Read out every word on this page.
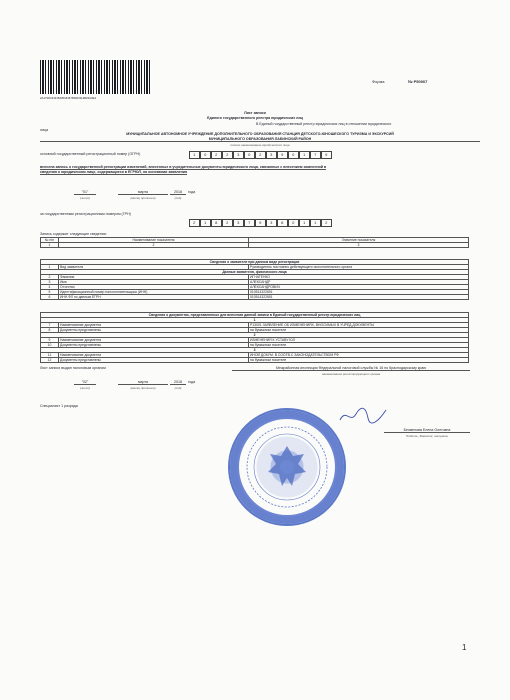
2A173D1643184351846769923112B231DE4
Форма	№ Р50007
Лист записи
Единого государственного реестра юридических лиц
В Единый государственный реестр юридических лиц в отношении юридического
лица
МУНИЦИПАЛЬНОЕ АВТОНОМНОЕ УЧРЕЖДЕНИЕ ДОПОЛНИТЕЛЬНОГО ОБРАЗОВАНИЯ СТАНЦИЯ ДЕТСКОГО-ЮНОШЕСКОГО ТУРИЗМА И ЭКСКУРСИЙ
МУНИЦИПАЛЬНОГО ОБРАЗОВАНИЯ ЛАБИНСКИЙ РАЙОН
полное наименование юридического лица
основной государственный регистрационный номер (ОГРН)	1	0	2	2	3	0	2	3	9	0	1	7	9
внесена запись о государственной регистрации изменений, внесенных в учредительные документы юридического лица, связанных с внесением изменений в
сведения о юридическом лице, содержащиеся в ЕГРЮЛ, на основании заявления
"01"	марта	2018	года
(число)	(месяц прописью)	(год)
за государственным регистрационным номером (ГРН)
2	1	8	2	3	7	9	3	8	0	1	1	2
Запись содержит следующие сведения:
№ п/п	Наименование показателя	Значение показателя
1	2	3
Сведения о заявителе при данном виде регистрации		
1	Вид заявителя	Руководитель постоянно действующего исполнительного органа
Данные заявителя, физического лица		
2	Фамилия	ИГНАТЕНКО
3	Имя	АЛЕКСАНДР
4	Отчество	АЛЕКСАНДРОВИЧ
5	Идентификационный номер налогоплательщика (ИНН)	010514322651
6	ИНН ФЛ по данным ЕГРН	010514322651
Сведения о документах, представленных для внесения данной записи в Единый государственный реестр юридических лиц		
1		
7	Наименование документа	Р13001 ЗАЯВЛЕНИЕ ОБ ИЗМЕНЕНИЯХ, ВНОСИМЫХ В УЧРЕД.ДОКУМЕНТЫ
8	Документы представлены	на бумажном носителе
2		
9	Наименование документа	ИЗМЕНЕНИЯ К УСТАВУ ЮЛ
10	Документы представлены	на бумажном носителе
3		
11	Наименование документа	ИНОЙ ДОКУМ. В СООТВ.С ЗАКОНОДАТЕЛЬСТВОМ РФ
12	Документы представлены	на бумажном носителе
Лист записи выдан налоговым органом	Межрайонная инспекция Федеральной налоговой службы № 16 по Краснодарскому краю
наименование регистрирующего органа
"02"	марта	2018	года
(число)	(месяц прописью)	(год)
Специалист 1 разряда
Безменова Елена Олеговна
Подпись, Фамилия, инициалы
1
